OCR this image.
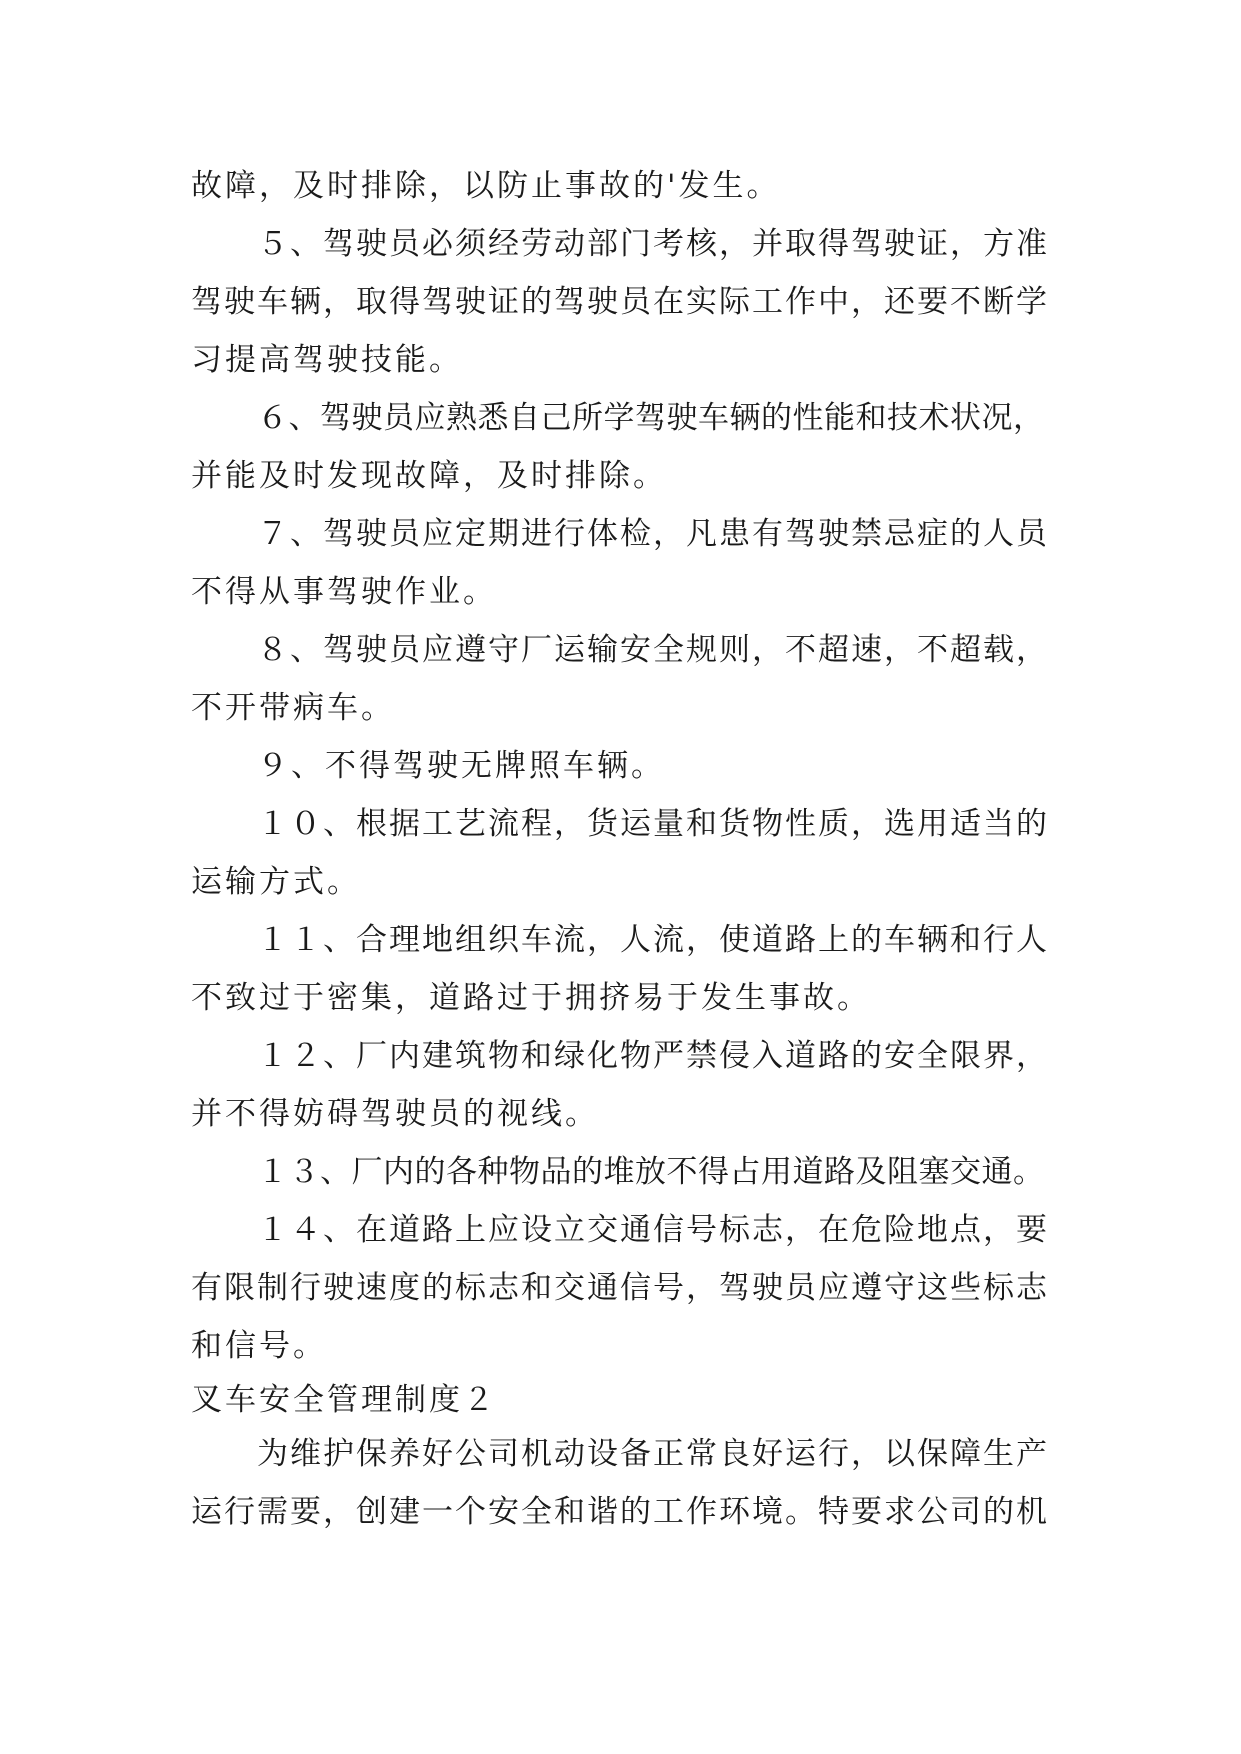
故障，及时排除，以防止事故的'发生。
５、驾驶员必须经劳动部门考核，并取得驾驶证，方准
驾驶车辆，取得驾驶证的驾驶员在实际工作中，还要不断学
习提高驾驶技能。
６、驾驶员应熟悉自己所学驾驶车辆的性能和技术状况，
并能及时发现故障，及时排除。
７、驾驶员应定期进行体检，凡患有驾驶禁忌症的人员
不得从事驾驶作业。
８、驾驶员应遵守厂运输安全规则，不超速，不超载，
不开带病车。
９、不得驾驶无牌照车辆。
１０、根据工艺流程，货运量和货物性质，选用适当的
运输方式。
１１、合理地组织车流，人流，使道路上的车辆和行人
不致过于密集，道路过于拥挤易于发生事故。
１２、厂内建筑物和绿化物严禁侵入道路的安全限界，
并不得妨碍驾驶员的视线。
１３、厂内的各种物品的堆放不得占用道路及阻塞交通。
１４、在道路上应设立交通信号标志，在危险地点，要
有限制行驶速度的标志和交通信号，驾驶员应遵守这些标志
和信号。
叉车安全管理制度２
为维护保养好公司机动设备正常良好运行，以保障生产
运行需要，创建一个安全和谐的工作环境。特要求公司的机
